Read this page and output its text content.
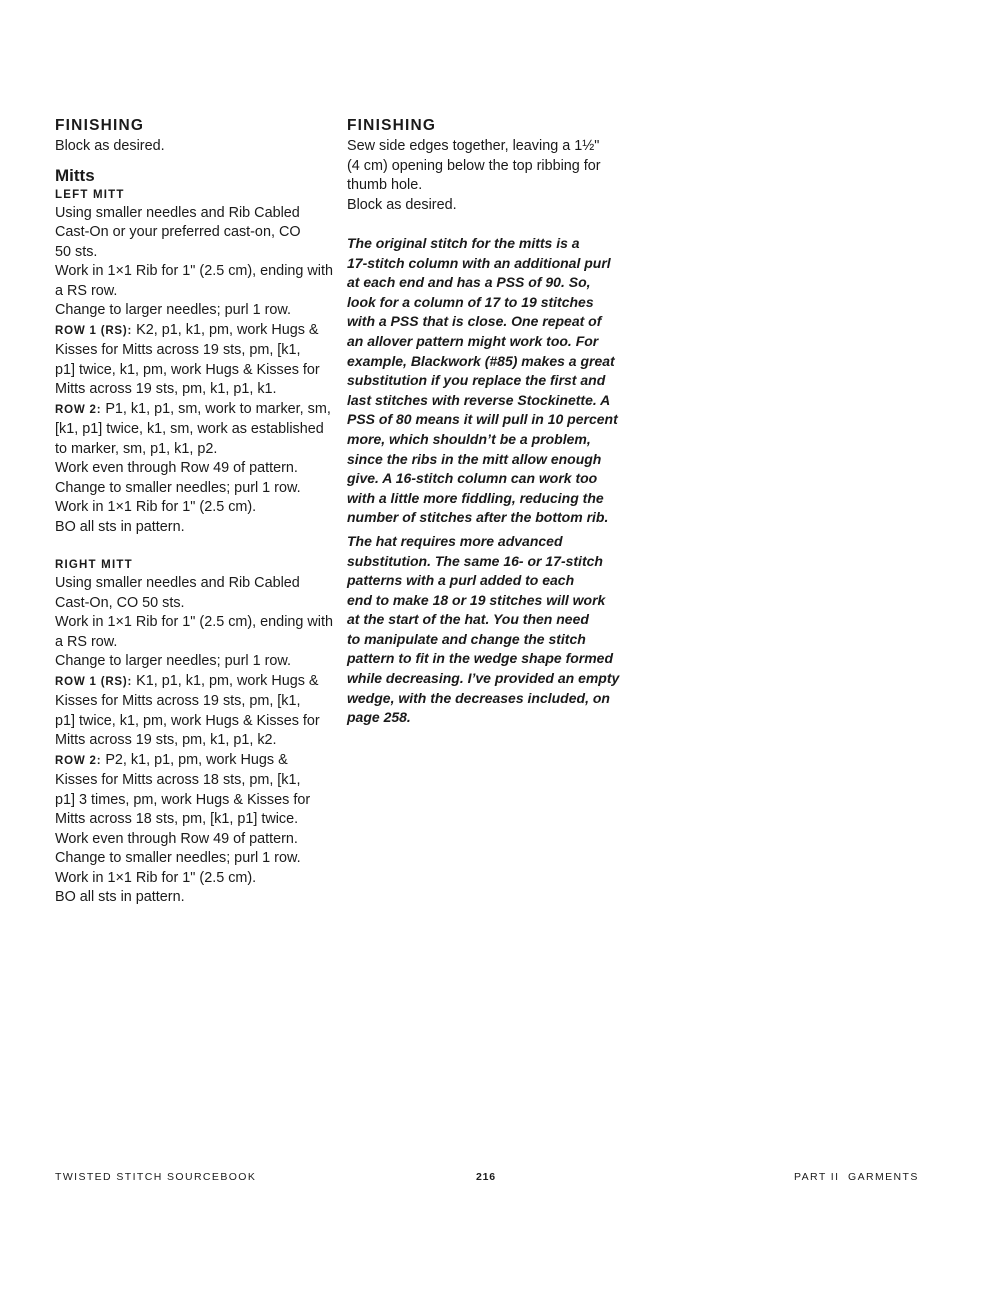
FINISHING

Block as desired.

Mitts

LEFT MITT

Using smaller needles and Rib Cabled

Cast-On or your preferred cast-on, CO

50 sts.

Work in 1×1 Rib for 1" (2.5 cm), ending with

a RS row.

Change to larger needles; purl 1 row.

ROW 1 (RS): K2, p1, k1, pm, work Hugs &

Kisses for Mitts across 19 sts, pm, [k1,

p1] twice, k1, pm, work Hugs & Kisses for

Mitts across 19 sts, pm, k1, p1, k1.

ROW 2: P1, k1, p1, sm, work to marker, sm,

[k1, p1] twice, k1, sm, work as established

to marker, sm, p1, k1, p2.

Work even through Row 49 of pattern.

Change to smaller needles; purl 1 row.

Work in 1×1 Rib for 1" (2.5 cm).

BO all sts in pattern.

RIGHT MITT

Using smaller needles and Rib Cabled

Cast-On, CO 50 sts.

Work in 1×1 Rib for 1" (2.5 cm), ending with

a RS row.

Change to larger needles; purl 1 row.

ROW 1 (RS): K1, p1, k1, pm, work Hugs &

Kisses for Mitts across 19 sts, pm, [k1,

p1] twice, k1, pm, work Hugs & Kisses for

Mitts across 19 sts, pm, k1, p1, k2.

ROW 2: P2, k1, p1, pm, work Hugs &

Kisses for Mitts across 18 sts, pm, [k1,

p1] 3 times, pm, work Hugs & Kisses for

Mitts across 18 sts, pm, [k1, p1] twice.

Work even through Row 49 of pattern.

Change to smaller needles; purl 1 row.

Work in 1×1 Rib for 1" (2.5 cm).

BO all sts in pattern.

FINISHING

Sew side edges together, leaving a 1½"

(4 cm) opening below the top ribbing for

thumb hole.

Block as desired.

The original stitch for the mitts is a

17-stitch column with an additional purl

at each end and has a PSS of 90. So,

look for a column of 17 to 19 stitches

with a PSS that is close. One repeat of

an allover pattern might work too. For

example, Blackwork (#85) makes a great

substitution if you replace the first and

last stitches with reverse Stockinette. A

PSS of 80 means it will pull in 10 percent

more, which shouldn’t be a problem,

since the ribs in the mitt allow enough

give. A 16-stitch column can work too

with a little more fiddling, reducing the

number of stitches after the bottom rib.

The hat requires more advanced

substitution. The same 16- or 17-stitch

patterns with a purl added to each

end to make 18 or 19 stitches will work

at the start of the hat. You then need

to manipulate and change the stitch

pattern to fit in the wedge shape formed

while decreasing. I’ve provided an empty

wedge, with the decreases included, on

page 258.

TWISTED STITCH SOURCEBOOK	216	PART II  GARMENTS
